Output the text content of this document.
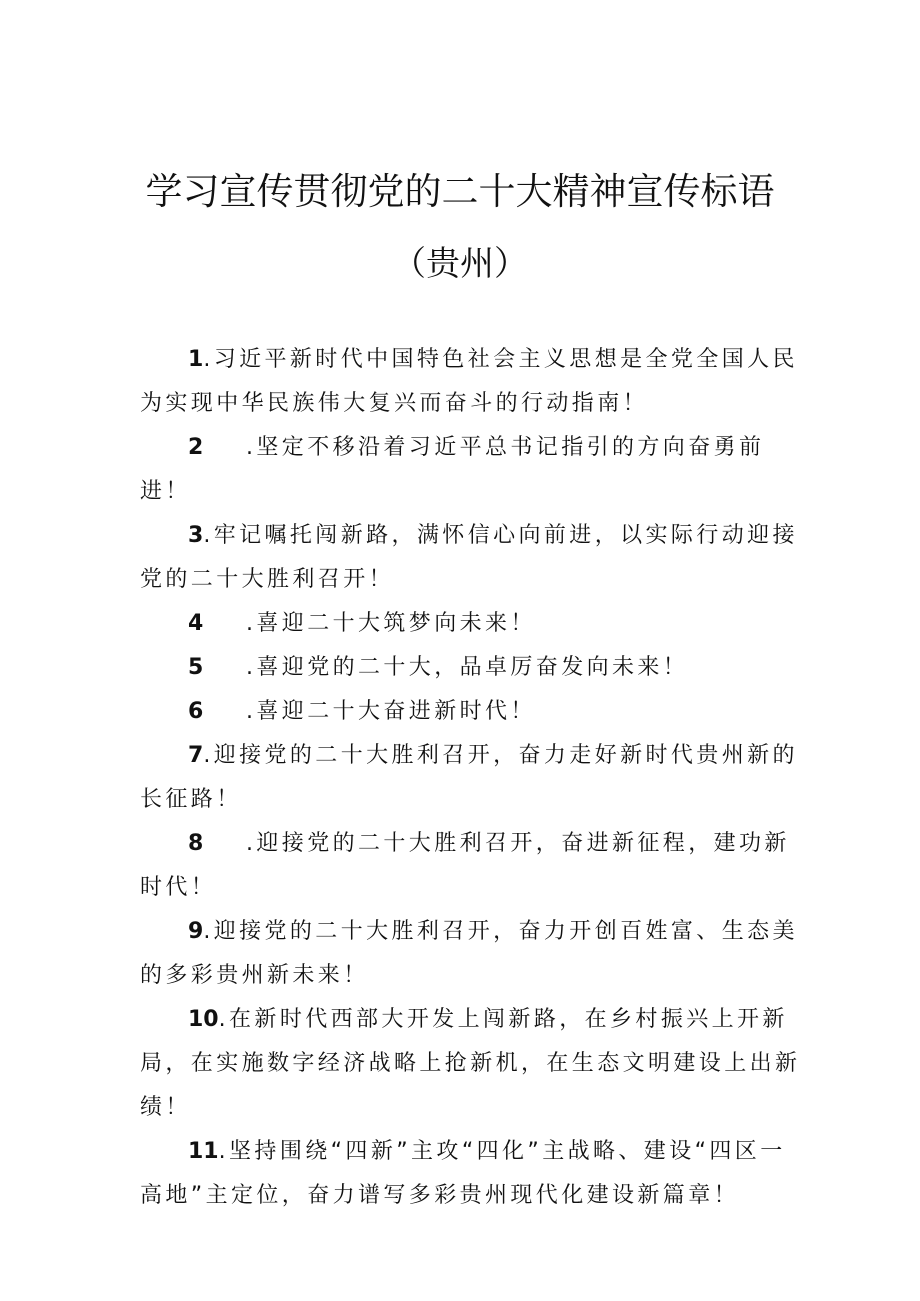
学习宣传贯彻党的二十大精神宣传标语
（贵州）

1.习近平新时代中国特色社会主义思想是全党全国人民为实现中华民族伟大复兴而奋斗的行动指南！

2 .坚定不移沿着习近平总书记指引的方向奋勇前进！

3.牢记嘱托闯新路，满怀信心向前进，以实际行动迎接党的二十大胜利召开！

4 .喜迎二十大筑梦向未来！

5 .喜迎党的二十大，品卓厉奋发向未来！

6 .喜迎二十大奋进新时代！

7.迎接党的二十大胜利召开，奋力走好新时代贵州新的长征路！

8 .迎接党的二十大胜利召开，奋进新征程，建功新时代！

9.迎接党的二十大胜利召开，奋力开创百姓富、生态美的多彩贵州新未来！

10.在新时代西部大开发上闯新路，在乡村振兴上开新局，在实施数字经济战略上抢新机，在生态文明建设上出新绩！

11.坚持围绕“四新”主攻“四化”主战略、建设“四区一高地”主定位，奋力谱写多彩贵州现代化建设新篇章！
